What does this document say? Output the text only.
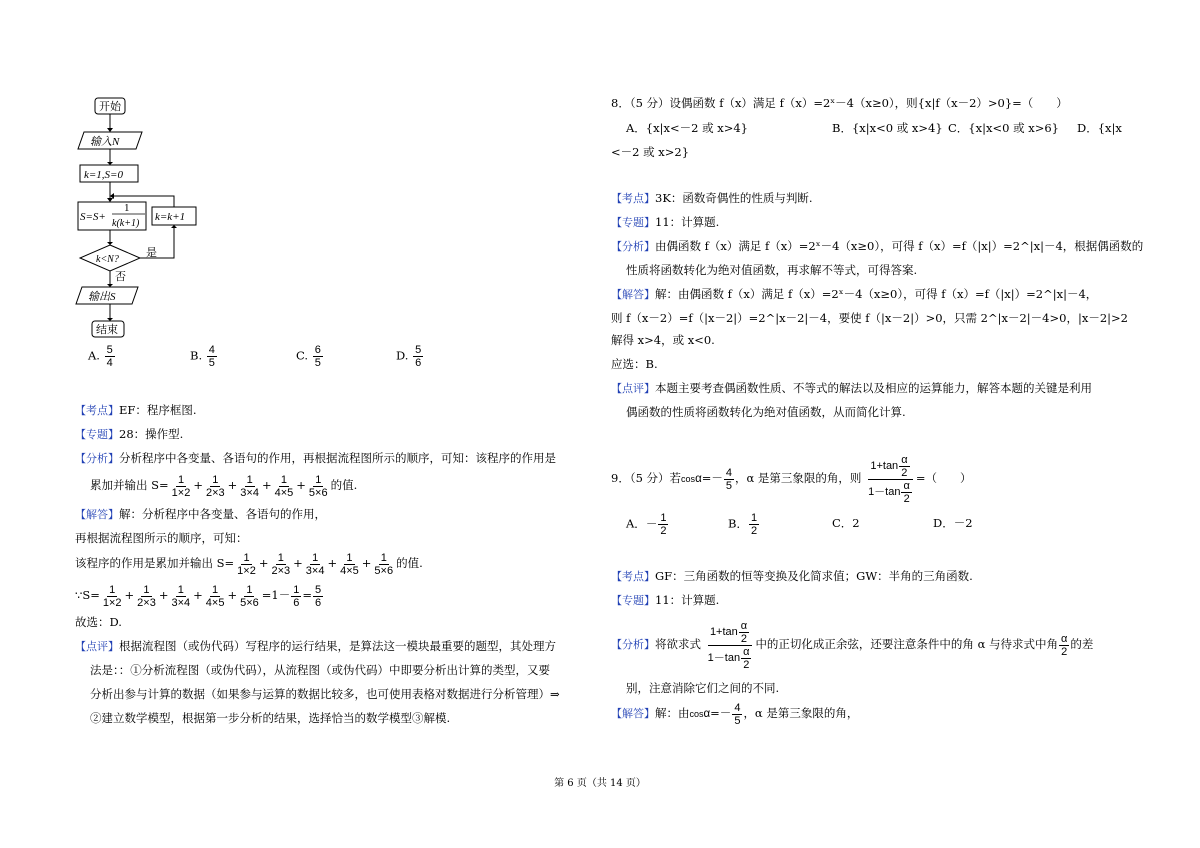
开始
输入N
k=1,S=0
S=S+
1
k(k+1)
k=k+1
k<N?
是
否
输出S
结束
A. $\frac{5}{4}$	B. $\frac{4}{5}$	C. $\frac{6}{5}$	D. $\frac{5}{6}$
【考点】EF：程序框图.
【专题】28：操作型.
【分析】分析程序中各变量、各语句的作用，再根据流程图所示的顺序，可知：该程序的作用是
累加并输出 $S= \frac{1}{1\times 2} + \frac{1}{2\times 3} + \frac{1}{3\times 4} + \frac{1}{4\times 5} + \frac{1}{5\times 6}$ 的值.
【解答】解：分析程序中各变量、各语句的作用，
再根据流程图所示的顺序，可知：
该程序的作用是累加并输出 $S= \frac{1}{1\times 2} + \frac{1}{2\times 3} + \frac{1}{3\times 4} + \frac{1}{4\times 5} + \frac{1}{5\times 6}$ 的值.
∵S= $\frac{1}{1\times 2} + \frac{1}{2\times 3} + \frac{1}{3\times 4} + \frac{1}{4\times 5} + \frac{1}{5\times 6} =1- \frac{1}{6} = \frac{5}{6}$
故选：D.
【点评】根据流程图（或伪代码）写程序的运行结果，是算法这一模块最重要的题型，其处理方
法是：：①分析流程图（或伪代码），从流程图（或伪代码）中即要分析出计算的类型，又要
分析出参与计算的数据（如果参与运算的数据比较多，也可使用表格对数据进行分析管理）⇒
②建立数学模型，根据第一步分析的结果，选择恰当的数学模型③解模.
8．（5 分）设偶函数 f（x）满足 f（x）=2ˣ－4（x≥0），则{x|f（x－2）>0}=（　　）
A．{x|x<－2 或 x>4}	B．{x|x<0 或 x>4} C．{x|x<0 或 x>6} D．{x|x
<－2 或 x>2}
【考点】3K：函数奇偶性的性质与判断.
【专题】11：计算题.
【分析】由偶函数 f（x）满足 f（x）=2ˣ－4（x≥0），可得 f（x）=f（|x|）=2^|x|－4，根据偶函数的
性质将函数转化为绝对值函数，再求解不等式，可得答案.
【解答】解：由偶函数 f（x）满足 f（x）=2ˣ－4（x≥0），可得 f（x）=f（|x|）=2^|x|－4，
则 f（x－2）=f（|x－2|）=2^|x－2|－4，要使 f（|x－2|）>0，只需 2^|x－2|－4>0，|x－2|>2
解得 x>4，或 x<0.
应选：B.
【点评】本题主要考查偶函数性质、不等式的解法以及相应的运算能力，解答本题的关键是利用
偶函数的性质将函数转化为绝对值函数，从而简化计算.
9．（5 分）若$\cos\alpha=- \frac{4}{5}$ ，α 是第三象限的角，则 $\frac{1+\tan \frac{\alpha}{2}}{1-\tan \frac{\alpha}{2}}$ =（　　）
A．－ $\frac{1}{2}$	B． $\frac{1}{2}$	C．2	D．－2
【考点】GF：三角函数的恒等变换及化简求值；GW：半角的三角函数.
【专题】11：计算题.
【分析】将欲求式 $\frac{1+\tan \frac{\alpha}{2}}{1-\tan \frac{\alpha}{2}}$ 中的正切化成正余弦，还要注意条件中的角 α 与待求式中角 $\frac{\alpha}{2}$ 的差
别，注意消除它们之间的不同.
【解答】解：由$\cos\alpha=- \frac{4}{5}$ ，α 是第三象限的角，
第 6 页（共 14 页）
